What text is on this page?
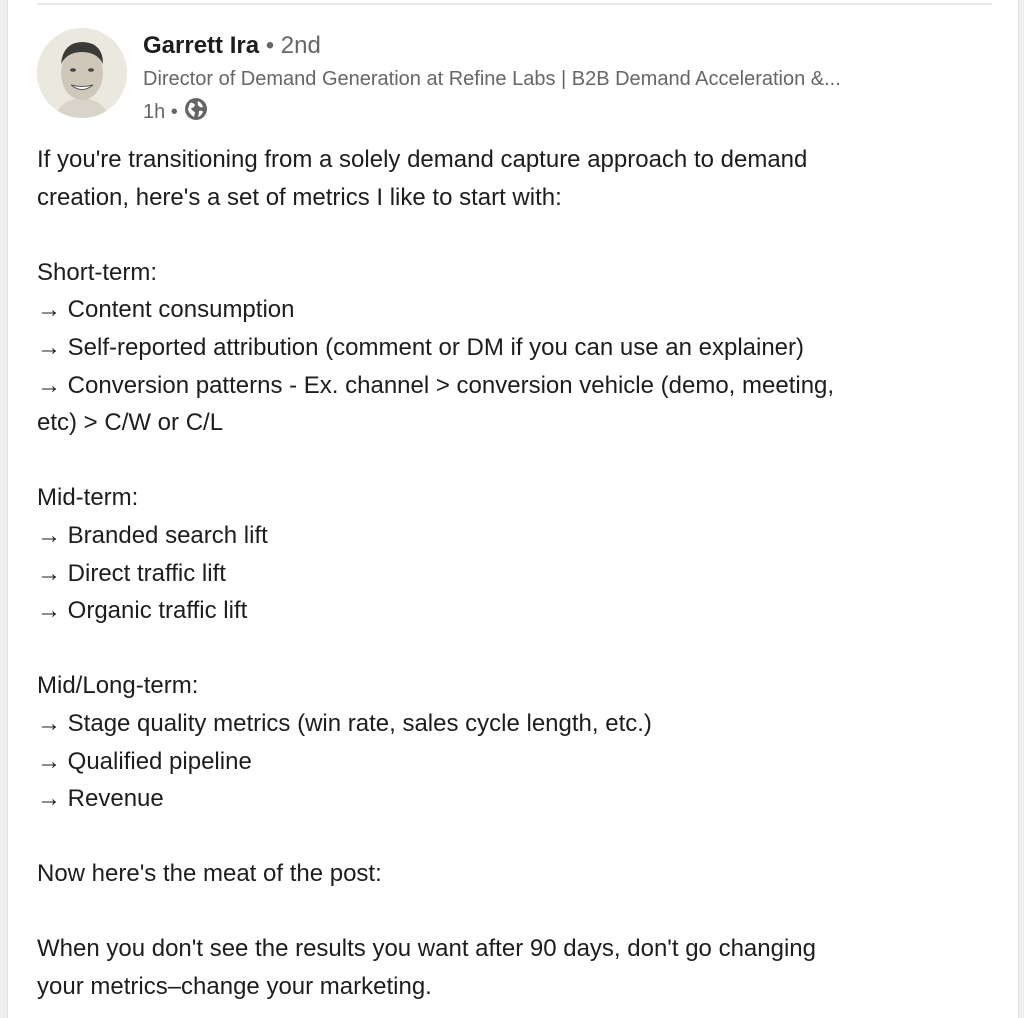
Garrett Ira • 2nd
Director of Demand Generation at Refine Labs | B2B Demand Acceleration &...
1h •

If you're transitioning from a solely demand capture approach to demand

creation, here's a set of metrics I like to start with:

Short-term:

→ Content consumption

→ Self-reported attribution (comment or DM if you can use an explainer)

→ Conversion patterns - Ex. channel > conversion vehicle (demo, meeting,

etc) > C/W or C/L

Mid-term:

→ Branded search lift

→ Direct traffic lift

→ Organic traffic lift

Mid/Long-term:

→ Stage quality metrics (win rate, sales cycle length, etc.)

→ Qualified pipeline

→ Revenue

Now here's the meat of the post:

When you don't see the results you want after 90 days, don't go changing

your metrics–change your marketing.
